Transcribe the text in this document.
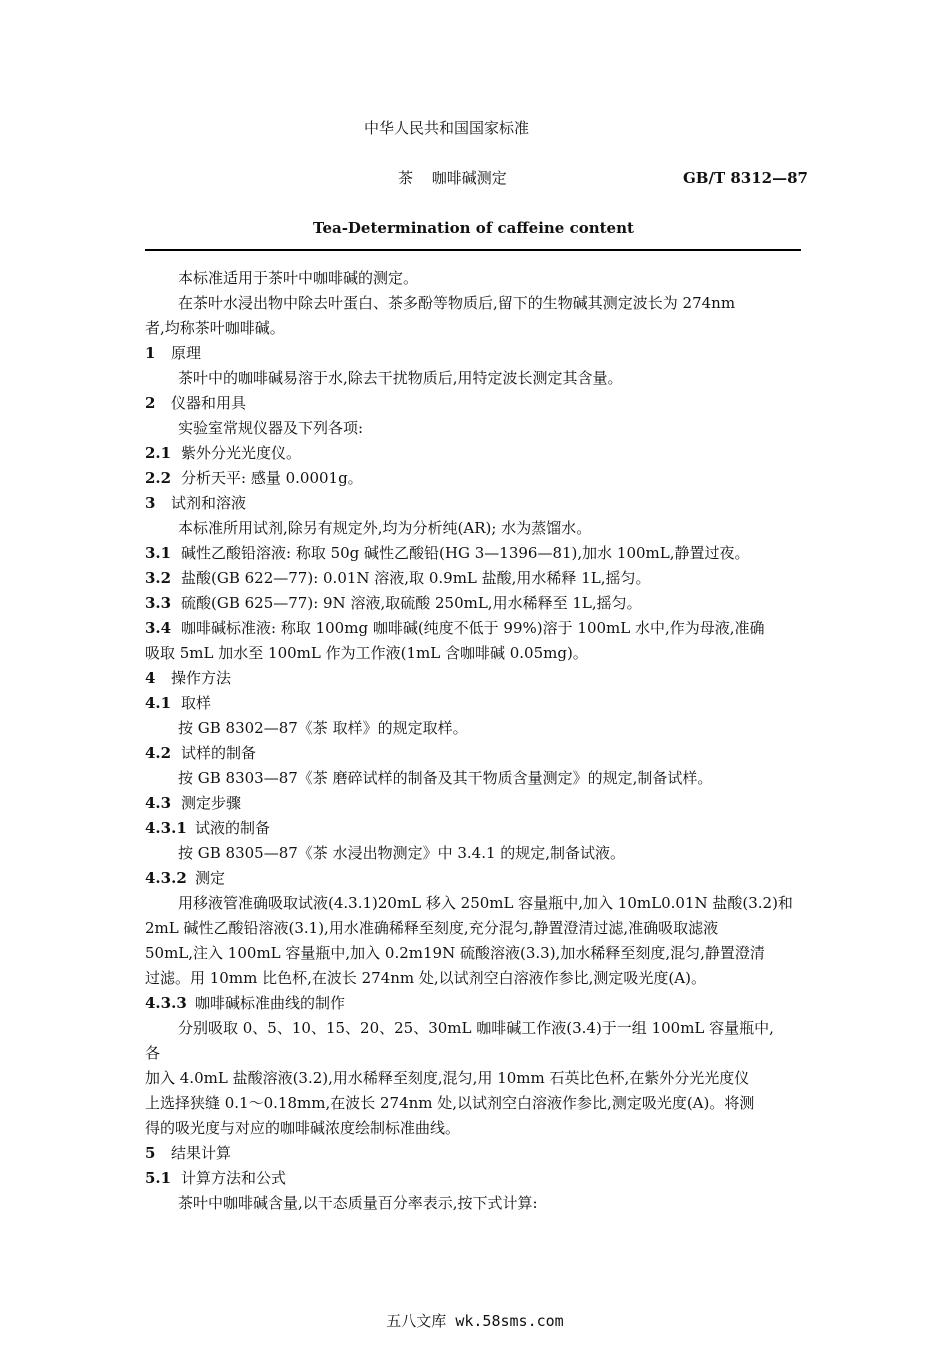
中华人民共和国国家标准
茶 咖啡碱测定	GB/T 8312—87
Tea-Determination of caffeine content
本标准适用于茶叶中咖啡碱的测定。
在茶叶水浸出物中除去叶蛋白、茶多酚等物质后,留下的生物碱其测定波长为 274nm
者,均称茶叶咖啡碱。
1 原理
茶叶中的咖啡碱易溶于水,除去干扰物质后,用特定波长测定其含量。
2 仪器和用具
实验室常规仪器及下列各项:
2.1 紫外分光光度仪。
2.2 分析天平: 感量 0.0001g。
3 试剂和溶液
本标准所用试剂,除另有规定外,均为分析纯(AR); 水为蒸馏水。
3.1 碱性乙酸铅溶液: 称取 50g 碱性乙酸铅(HG 3—1396—81),加水 100mL,静置过夜。
3.2 盐酸(GB 622—77): 0.01N 溶液,取 0.9mL 盐酸,用水稀释 1L,摇匀。
3.3 硫酸(GB 625—77): 9N 溶液,取硫酸 250mL,用水稀释至 1L,摇匀。
3.4 咖啡碱标准液: 称取 100mg 咖啡碱(纯度不低于 99%)溶于 100mL 水中,作为母液,准确
吸取 5mL 加水至 100mL 作为工作液(1mL 含咖啡碱 0.05mg)。
4 操作方法
4.1 取样
按 GB 8302—87《茶 取样》的规定取样。
4.2 试样的制备
按 GB 8303—87《茶 磨碎试样的制备及其干物质含量测定》的规定,制备试样。
4.3 测定步骤
4.3.1 试液的制备
按 GB 8305—87《茶 水浸出物测定》中 3.4.1 的规定,制备试液。
4.3.2 测定
用移液管准确吸取试液(4.3.1)20mL 移入 250mL 容量瓶中,加入 10mL0.01N 盐酸(3.2)和
2mL 碱性乙酸铅溶液(3.1),用水准确稀释至刻度,充分混匀,静置澄清过滤,准确吸取滤液
50mL,注入 100mL 容量瓶中,加入 0.2m19N 硫酸溶液(3.3),加水稀释至刻度,混匀,静置澄清
过滤。用 10mm 比色杯,在波长 274nm 处,以试剂空白溶液作参比,测定吸光度(A)。
4.3.3 咖啡碱标准曲线的制作
分别吸取 0、5、10、15、20、25、30mL 咖啡碱工作液(3.4)于一组 100mL 容量瓶中,
各
加入 4.0mL 盐酸溶液(3.2),用水稀释至刻度,混匀,用 10mm 石英比色杯,在紫外分光光度仪
上选择狭缝 0.1～0.18mm,在波长 274nm 处,以试剂空白溶液作参比,测定吸光度(A)。将测
得的吸光度与对应的咖啡碱浓度绘制标准曲线。
5 结果计算
5.1 计算方法和公式
茶叶中咖啡碱含量,以干态质量百分率表示,按下式计算:
五八文库 wk.58sms.com
